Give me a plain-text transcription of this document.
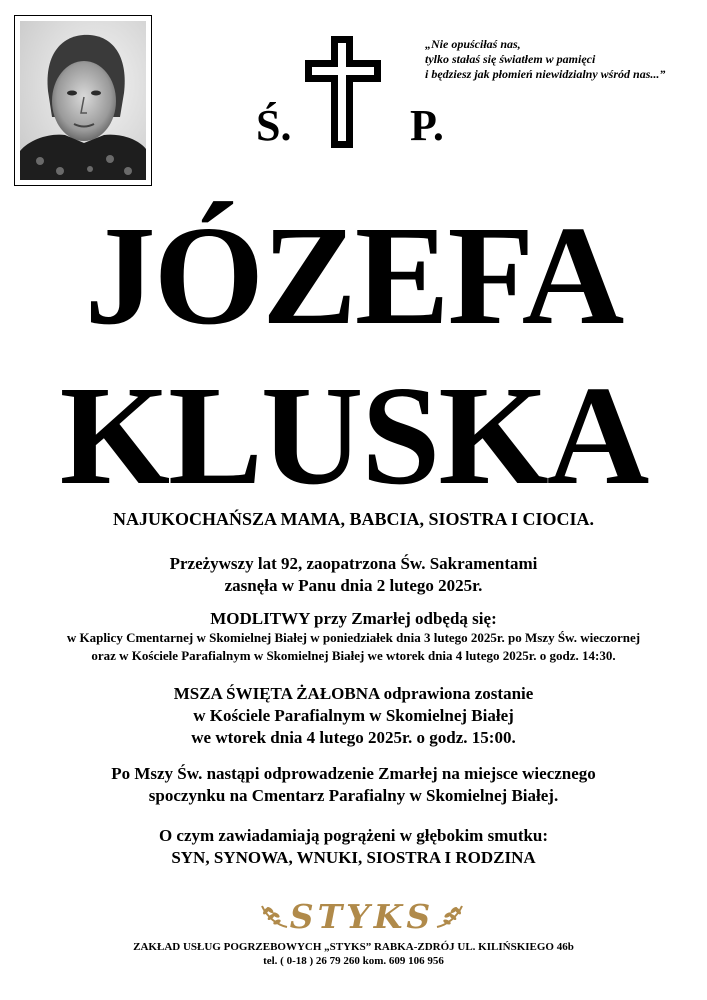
Ś.	P.
„Nie opuściłaś nas,
tylko stałaś się światłem w pamięci
i będziesz jak płomień niewidzialny wśród nas...”
JÓZEFA
KLUSKA
NAJUKOCHAŃSZA MAMA, BABCIA, SIOSTRA I CIOCIA.
Przeżywszy lat 92, zaopatrzona Św. Sakramentami
zasnęła w Panu dnia 2 lutego 2025r.
MODLITWY przy Zmarłej odbędą się:
w Kaplicy Cmentarnej w Skomielnej Białej w poniedziałek dnia 3 lutego 2025r. po Mszy Św. wieczornej
oraz w Kościele Parafialnym w Skomielnej Białej we wtorek dnia 4 lutego 2025r. o godz. 14:30.
MSZA ŚWIĘTA ŻAŁOBNA odprawiona zostanie
w Kościele Parafialnym w Skomielnej Białej
we wtorek dnia 4 lutego 2025r. o godz. 15:00.
Po Mszy Św. nastąpi odprowadzenie Zmarłej na miejsce wiecznego
spoczynku na Cmentarz Parafialny w Skomielnej Białej.
O czym zawiadamiają pogrążeni w głębokim smutku:
SYN, SYNOWA, WNUKI, SIOSTRA I RODZINA
STYKS
ZAKŁAD USŁUG POGRZEBOWYCH „STYKS” RABKA-ZDRÓJ UL. KILIŃSKIEGO 46b
tel. ( 0-18 ) 26 79 260 kom. 609 106 956
